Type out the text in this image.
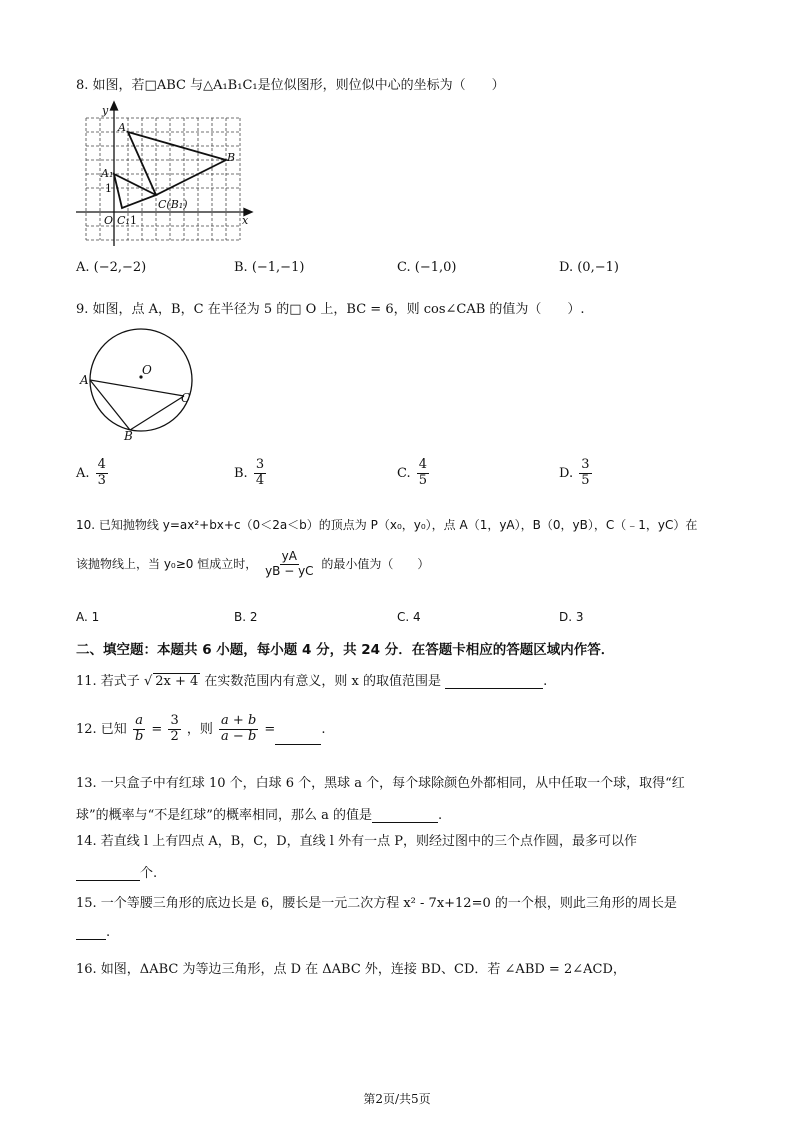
8. 如图，若□ABC 与△A₁B₁C₁是位似图形，则位似中心的坐标为（　　）
y
x
A
B
A₁
1
C(B₁)
O C₁ 1
A. (−2,−2)	B. (−1,−1)	C. (−1,0)	D. (0,−1)
9. 如图，点 A，B，C 在半径为 5 的□ O 上，BC = 6，则 cos∠CAB 的值为（　　）.
O
A
C
B
A. $\frac{4}{3}$	B. $\frac{3}{4}$	C. $\frac{4}{5}$	D. $\frac{3}{5}$
10. 已知抛物线 y=ax²+bx+c（0＜2a＜b）的顶点为 P（x₀，y₀），点 A（1，yA），B（0，yB），C（﹣1，yC）在
该抛物线上，当 y₀≥0 恒成立时， $\frac{yA}{yB - yC}$ 的最小值为（　　）
A. 1	B. 2	C. 4	D. 3
二、填空题：本题共 6 小题，每小题 4 分，共 24 分．在答题卡相应的答题区域内作答．
11. 若式子 √ 2x + 4 在实数范围内有意义，则 x 的取值范围是	.
12. 已知 $\frac{a}{b} = \frac{3}{2}$ ，则 $\frac{a + b}{a - b}$ =	.
13. 一只盒子中有红球 10 个，白球 6 个，黑球 a 个，每个球除颜色外都相同，从中任取一个球，取得“红
球”的概率与“不是红球”的概率相同，那么 a 的值是	.
14. 若直线 l 上有四点 A，B，C，D，直线 l 外有一点 P，则经过图中的三个点作圆，最多可以作
个.
15. 一个等腰三角形的底边长是 6，腰长是一元二次方程 x² - 7x+12=0 的一个根，则此三角形的周长是
.
16. 如图，ΔABC 为等边三角形，点 D 在 ΔABC 外，连接 BD、CD．若 ∠ABD = 2∠ACD，
第2页/共5页
